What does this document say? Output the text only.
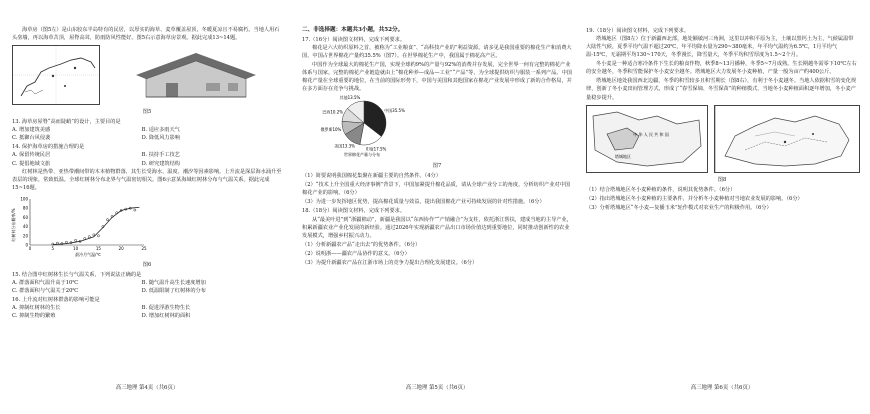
海草房（图5左）是山东胶东半岛特有的民居，以厚实的海草、麦草覆盖屋顶，冬暖夏凉且不易腐朽。当地人用石头垒墙，再以海草苫顶，屋脊高耸，防雨防风性能好。图5右示意海草房景观。据此完成13~14题。

图5

13. 海草房屋脊“高而陡峭”的设计，主要目的是

A. 增加建筑美感	B. 适应多雨天气C. 抵御台风侵袭	D. 降低风力影响

14. 保护海草房的措施合理的是

A. 保留传统民居	B. 扶持手工技艺C. 提倡地域文旅	D. 研究建筑结构

红树林是热带、亚热带潮间带的木本植物群落，其生长受海水、温度、潮汐等因素影响。上升流是深层海水涌升至表层的现象，常致低温。全球红树林分布北界与气温密切相关。图6示意某海域红树林分布与气温关系。据此完成15~16题。

红树林分布概率/%
最冷月气温/℃
0	5	10	15	20	25
0
20
40
60
80
100
图6

15. 结合图中红树林生长与气温关系，下列说法正确的是

A. 群落面积气温升高于10℃	B. 随气温升高生长速度增加C. 群落面积与气温关于20℃	D. 低温限制了红树林的分布

16. 上升流对红树林群落的影响可能是

A. 抑制红树林的生长	B. 促进浮游生物生长C. 抑制生物的繁殖	D. 增加红树林的面积
高三地理 第4页（共6页）

二、非选择题：本题共3小题，共52分。

17.（16分）阅读图文材料，完成下列要求。

棉花是六大纺织原料之首，被称为“工业粮食”、“高科技产业的”利益资源。请多见是我国重要的棉花生产和消费大国，中国占世界棉花产量约35.5%（图7）。在世界棉花生产中，我国属于棉花高产区。

中国作为全球最大的棉花生产国，实现全球约9%的产量与92%的消费并存发展，完全世界一何有完整的棉花产业体系与国家。完整的棉花产业链造就由上“棉花种养—成品—工业”“产品”等，为全球提供纺织与服装一系列产品。中国棉花产量在全球重要的地位，在当前的国际形势下，中国与美国和其他国家在棉花产业发展中形成了新的合作格局，并在多方面存在竞争与挑战。

世界棉花产量与分布
中国35.5%
印度17.5%
美国13.3%
俄罗斯10%
巴西10.2%
其他13.5%
图7

（1）简要说明我国棉花集聚在新疆主要的自然条件。（4分）

（2）“技术上升全国重大经济事例”背景下，中国加紧提升棉花品质，请从全球产业分工的角度，分析纺织产业对中国棉花产业的影响。（6分）

（3）为进一步发挥地区优势，提高棉花质量与效益，提出我国棉花产业可持续发展的针对性措施。（6分）

18.（18分）阅读图文材料，完成下列要求。

从“最美叶进”到“浙疆棉动”，新疆是我国以“东西协作”“产销融合”为支柱，依托浙江帮扶，建成当地的主导产业，积累新疆农业产业化发展的新经验。通过2026年实现新疆农产品出口市场价值达到重要地位，同时推动创新性的农业发展模式，增强乡村振兴动力。

（1）分析新疆农产品“走出去”的优势条件。（6分）

（2）说明浙——疆农产品协作的意义。（6分）

（3）为提升新疆农产品在江浙市场上的竞争力提出合理化发展建议。（6分）

高三地理 第5页（共6页）

19.（18分）阅读图文材料，完成下列要求。

塔城地区（图8左）位于新疆西北部，地处额敏河三角洲，这里以冲积平原为主，土壤以黑钙土为主，气候属温带大陆性气候，夏季平均气温不超过20℃，年平均降水量为290~380毫米，年平均气温约为6.5℃，1月平均气温-15℃，无霜期平均130~170天，冬季漫长，降雪量大，冬季平均积雪厚度为1.5~2个月。

冬小麦是一种适合寒冷条件下生长的粮食作物，秋季8~13月播种，冬季5~7月成熟。生长期越冬需零下10℃左右的安全越冬，冬季积雪能保护冬小麦安全越冬。塔城地区大力发展冬小麦种植，产量一般为亩产约400公斤。

塔城地区地处我国西北边疆，冬季的积雪较多且积雪期长（图8右），有利于冬小麦越冬。当地人依据积雪的变化规律，创新了冬小麦田间管理方式，形成了“春雪保墒、冬雪保苗”的种植模式，当地冬小麦种植面积逐年增加，冬小麦产量稳步提升。

中 华 人 民 共 和 国
塔城地区
图8

（1）结合塔城地区冬小麦种植的条件，说明其优势条件。（6分）

（2）指出塔城地区冬小麦种植的主要条件，并分析冬小麦种植对当地农业发展的影响。（6分）

（3）分析塔城地区“冬小麦—复播玉米”轮作模式对农业生产的积极作用。（6分）

高三地理 第6页（共6页）
